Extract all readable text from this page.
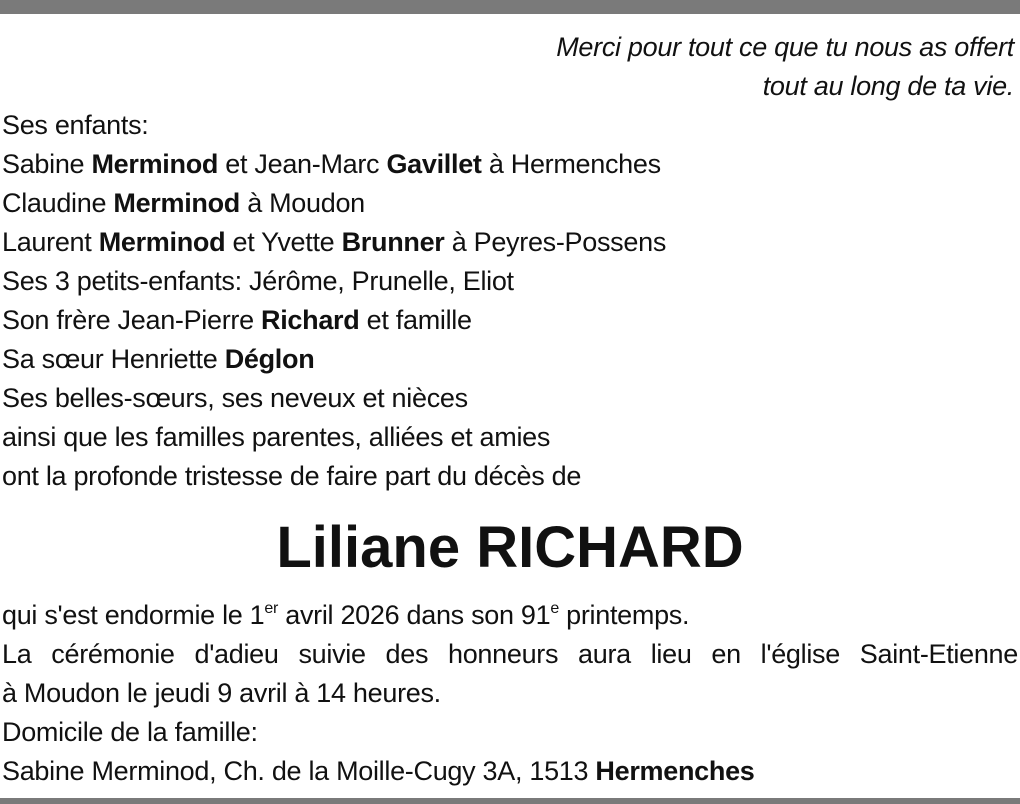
Merci pour tout ce que tu nous as offert
tout au long de ta vie.
Ses enfants:
Sabine Merminod et Jean-Marc Gavillet à Hermenches
Claudine Merminod à Moudon
Laurent Merminod et Yvette Brunner à Peyres-Possens
Ses 3 petits-enfants: Jérôme, Prunelle, Eliot
Son frère Jean-Pierre Richard et famille
Sa sœur Henriette Déglon
Ses belles-sœurs, ses neveux et nièces
ainsi que les familles parentes, alliées et amies
ont la profonde tristesse de faire part du décès de
Liliane RICHARD
qui s'est endormie le 1er avril 2026 dans son 91e printemps.
La cérémonie d'adieu suivie des honneurs aura lieu en l'église Saint-Etienne
à Moudon le jeudi 9 avril à 14 heures.
Domicile de la famille:
Sabine Merminod, Ch. de la Moille-Cugy 3A, 1513 Hermenches
